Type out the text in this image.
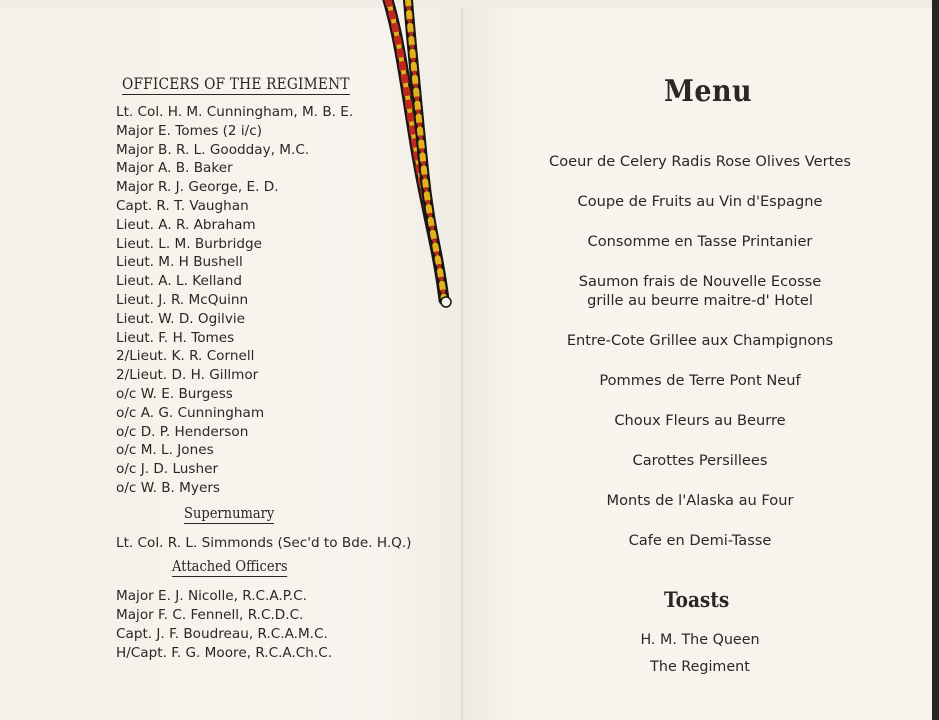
OFFICERS OF THE REGIMENT
Lt. Col. H. M. Cunningham, M. B. E.
Major E. Tomes (2 i/c)
Major B. R. L. Goodday, M.C.
Major A. B. Baker
Major R. J. George, E. D.
Capt. R. T. Vaughan
Lieut. A. R. Abraham
Lieut. L. M. Burbridge
Lieut. M. H Bushell
Lieut. A. L. Kelland
Lieut. J. R. McQuinn
Lieut. W. D. Ogilvie
Lieut. F. H. Tomes
2/Lieut. K. R. Cornell
2/Lieut. D. H. Gillmor
o/c W. E. Burgess
o/c A. G. Cunningham
o/c D. P. Henderson
o/c M. L. Jones
o/c J. D. Lusher
o/c W. B. Myers
Supernumary

Lt. Col. R. L. Simmonds (Sec'd to Bde. H.Q.)

Attached Officers
Major E. J. Nicolle, R.C.A.P.C.
Major F. C. Fennell, R.C.D.C.
Capt. J. F. Boudreau, R.C.A.M.C.
H/Capt. F. G. Moore, R.C.A.Ch.C.
Menu
Coeur de Celery Radis Rose Olives Vertes
Coupe de Fruits au Vin d'Espagne
Consomme en Tasse Printanier
Saumon frais de Nouvelle Ecosse
grille au beurre maitre-d' Hotel
Entre-Cote Grillee aux Champignons
Pommes de Terre Pont Neuf
Choux Fleurs au Beurre
Carottes Persillees
Monts de l'Alaska au Four
Cafe en Demi-Tasse
Toasts
H. M. The Queen
The Regiment
